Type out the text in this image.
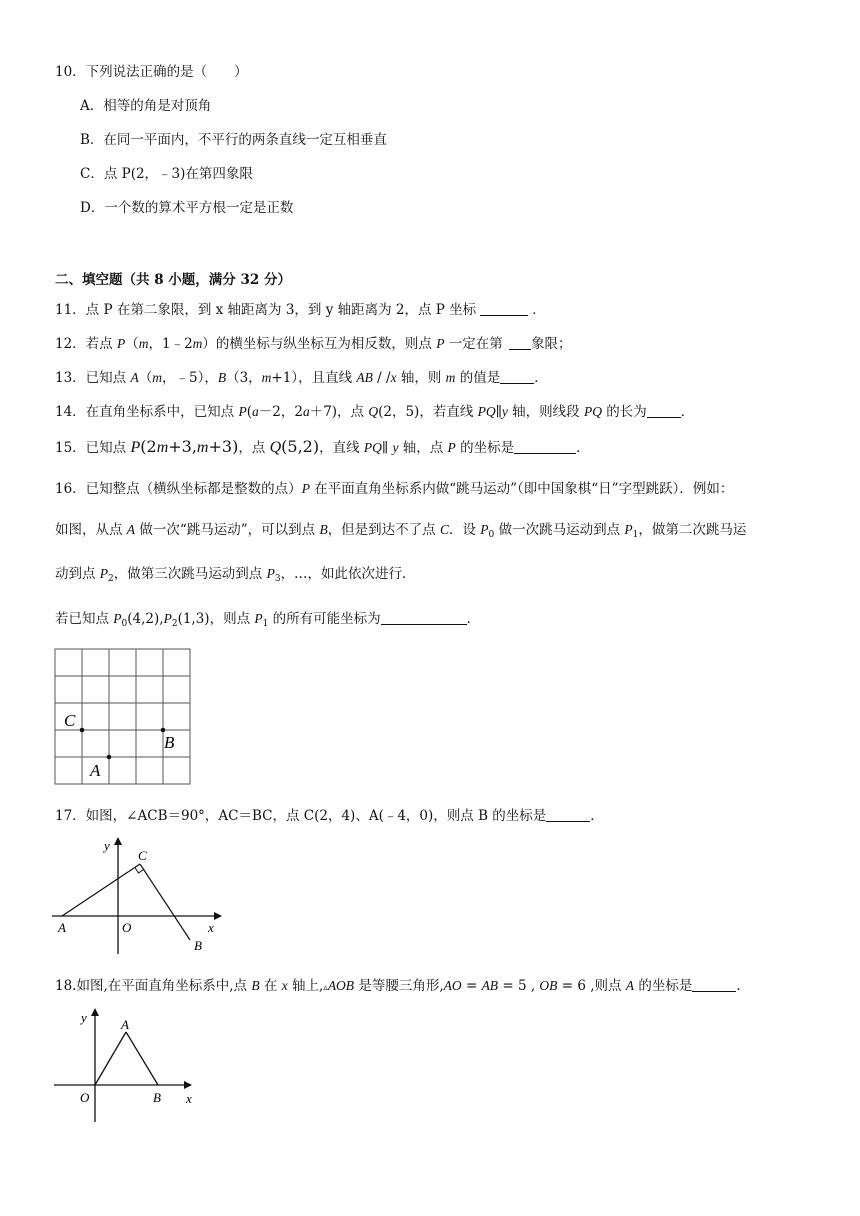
10．下列说法正确的是（　　）
A．相等的角是对顶角
B．在同一平面内，不平行的两条直线一定互相垂直
C．点 P(2，﹣3)在第四象限
D．一个数的算术平方根一定是正数
二、填空题（共 8 小题，满分 32 分）
11．点 P 在第二象限，到 x 轴距离为 3，到 y 轴距离为 2，点 P 坐标	．
12．若点 P（m，1﹣2m）的横坐标与纵坐标互为相反数，则点 P 一定在第 象限；
13．已知点 A（m，﹣5），B（3，m+1），且直线 AB / /x 轴，则 m 的值是	．
14．在直角坐标系中，已知点 P(a－2，2a＋7)，点 Q(2，5)，若直线 PQ∥y 轴，则线段 PQ 的长为	．
15．已知点 P(2m+3,m+3)，点 Q(5,2)，直线 PQ∥ y 轴，点 P 的坐标是	．
16．已知整点（横纵坐标都是整数的点）P 在平面直角坐标系内做“跳马运动”（即中国象棋“日”字型跳跃）．例如：
如图，从点 A 做一次“跳马运动”，可以到点 B，但是到达不了点 C．设 $P_0$ 做一次跳马运动到点 $P_1$，做第二次跳马运
动到点 $P_2$，做第三次跳马运动到点 $P_3$，…，如此依次进行．
若已知点 $P_0(4,2),P_2(1,3)$，则点 $P_1$ 的所有可能坐标为	．
C
B
A
17．如图，∠ACB＝90°，AC＝BC，点 C(2，4)、A(﹣4，0)，则点 B 的坐标是	．
y
C
A	O	x
B
18.如图,在平面直角坐标系中,点 B 在 x 轴上,▵AOB 是等腰三角形,AO = AB = 5 , OB = 6 ,则点 A 的坐标是	．
y	A
O	B x
